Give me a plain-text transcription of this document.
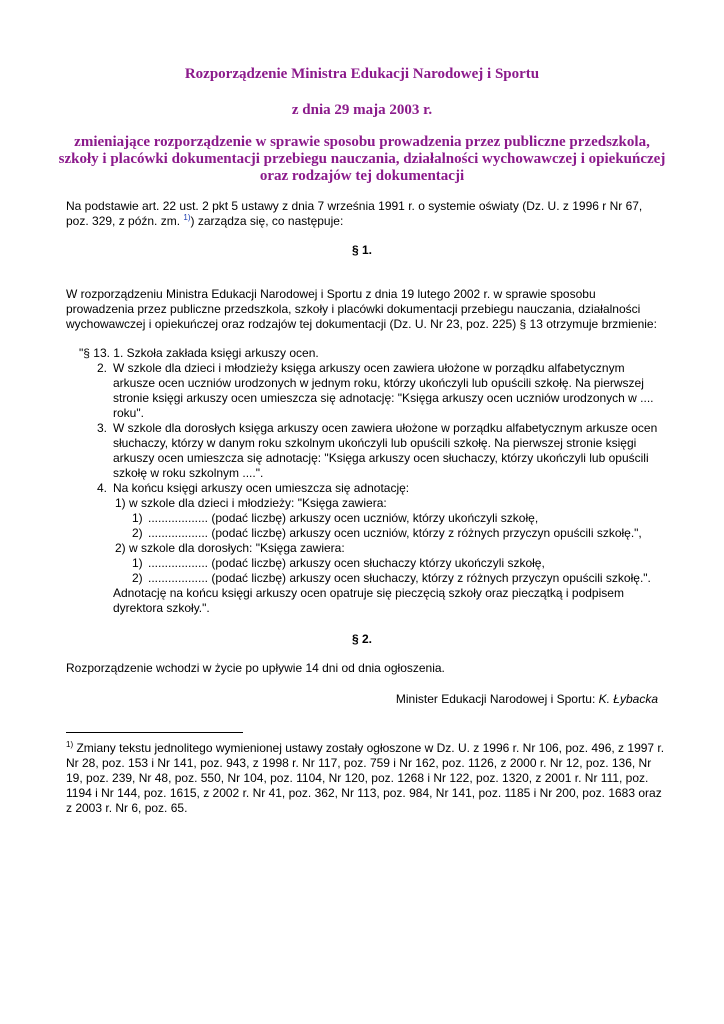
Rozporządzenie Ministra Edukacji Narodowej i Sportu

z dnia 29 maja 2003 r.

zmieniające rozporządzenie w sprawie sposobu prowadzenia przez publiczne przedszkola,
szkoły i placówki dokumentacji przebiegu nauczania, działalności wychowawczej i opiekuńczej
oraz rodzajów tej dokumentacji

Na podstawie art. 22 ust. 2 pkt 5 ustawy z dnia 7 września 1991 r. o systemie oświaty (Dz. U. z 1996 r Nr 67, poz. 329, z późn. zm. $^{1)}$) zarządza się, co następuje:

§ 1.

W rozporządzeniu Ministra Edukacji Narodowej i Sportu z dnia 19 lutego 2002 r. w sprawie sposobu prowadzenia przez publiczne przedszkola, szkoły i placówki dokumentacji przebiegu nauczania, działalności wychowawczej i opiekuńczej oraz rodzajów tej dokumentacji (Dz. U. Nr 23, poz. 225) § 13 otrzymuje brzmienie:

"§ 13. 1. Szkoła zakłada księgi arkuszy ocen.
2. W szkole dla dzieci i młodzieży księga arkuszy ocen zawiera ułożone w porządku alfabetycznym arkusze ocen uczniów urodzonych w jednym roku, którzy ukończyli lub opuścili szkołę. Na pierwszej stronie księgi arkuszy ocen umieszcza się adnotację: "Księga arkuszy ocen uczniów urodzonych w .... roku".
3. W szkole dla dorosłych księga arkuszy ocen zawiera ułożone w porządku alfabetycznym arkusze ocen słuchaczy, którzy w danym roku szkolnym ukończyli lub opuścili szkołę. Na pierwszej stronie księgi arkuszy ocen umieszcza się adnotację: "Księga arkuszy ocen słuchaczy, którzy ukończyli lub opuścili szkołę w roku szkolnym ....".
4. Na końcu księgi arkuszy ocen umieszcza się adnotację:
1) w szkole dla dzieci i młodzieży: "Księga zawiera:
1) .................. (podać liczbę) arkuszy ocen uczniów, którzy ukończyli szkołę,
2) .................. (podać liczbę) arkuszy ocen uczniów, którzy z różnych przyczyn opuścili szkołę.",
2) w szkole dla dorosłych: "Księga zawiera:
1) .................. (podać liczbę) arkuszy ocen słuchaczy którzy ukończyli szkołę,
2) .................. (podać liczbę) arkuszy ocen słuchaczy, którzy z różnych przyczyn opuścili szkołę.".
Adnotację na końcu księgi arkuszy ocen opatruje się pieczęcią szkoły oraz pieczątką i podpisem dyrektora szkoły.".

§ 2.

Rozporządzenie wchodzi w życie po upływie 14 dni od dnia ogłoszenia.

Minister Edukacji Narodowej i Sportu: K. Łybacka

$^{1)}$ Zmiany tekstu jednolitego wymienionej ustawy zostały ogłoszone w Dz. U. z 1996 r. Nr 106, poz. 496, z 1997 r. Nr 28, poz. 153 i Nr 141, poz. 943, z 1998 r. Nr 117, poz. 759 i Nr 162, poz. 1126, z 2000 r. Nr 12, poz. 136, Nr 19, poz. 239, Nr 48, poz. 550, Nr 104, poz. 1104, Nr 120, poz. 1268 i Nr 122, poz. 1320, z 2001 r. Nr 111, poz. 1194 i Nr 144, poz. 1615, z 2002 r. Nr 41, poz. 362, Nr 113, poz. 984, Nr 141, poz. 1185 i Nr 200, poz. 1683 oraz z 2003 r. Nr 6, poz. 65.
